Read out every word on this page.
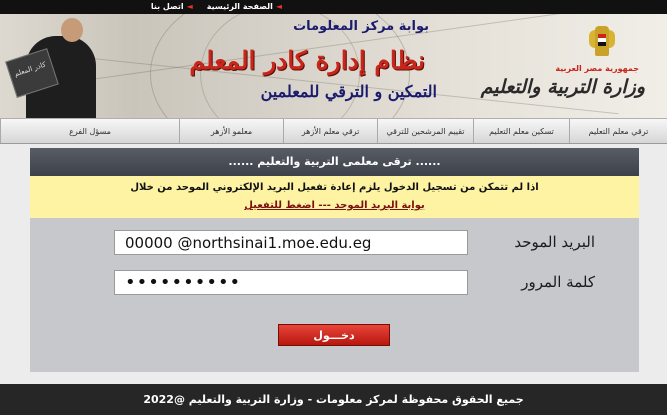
◄
الصفحة الرئيسية
◄
اتصل بنا
كادر المعلم
بوابة مركز المعلومات
نظام إدارة كادر المعلم
التمكين و الترقي للمعلمين
جمهورية مصر العربية
وزارة التربية والتعليم
ترقي معلم التعليم
تسكين معلم التعليم
تقييم المرشحين للترقي
ترقي معلم الأزهر
معلمو الأزهر
مسؤل الفرع
...... ترقى معلمى التربية والتعليم ......
اذا لم تتمكن من تسجيل الدخول يلزم إعادة تفعيل البريد الإلكتروني الموحد من خلال
بوابة البريد الموحد --- اضغط للتفعيل
البريد الموحد
00000 @northsinai1.moe.edu.eg
كلمة المرور
••••••••••
دخـــول
جميع الحقوق محفوظة لمركز معلومات - وزارة التربية والتعليم @2022
